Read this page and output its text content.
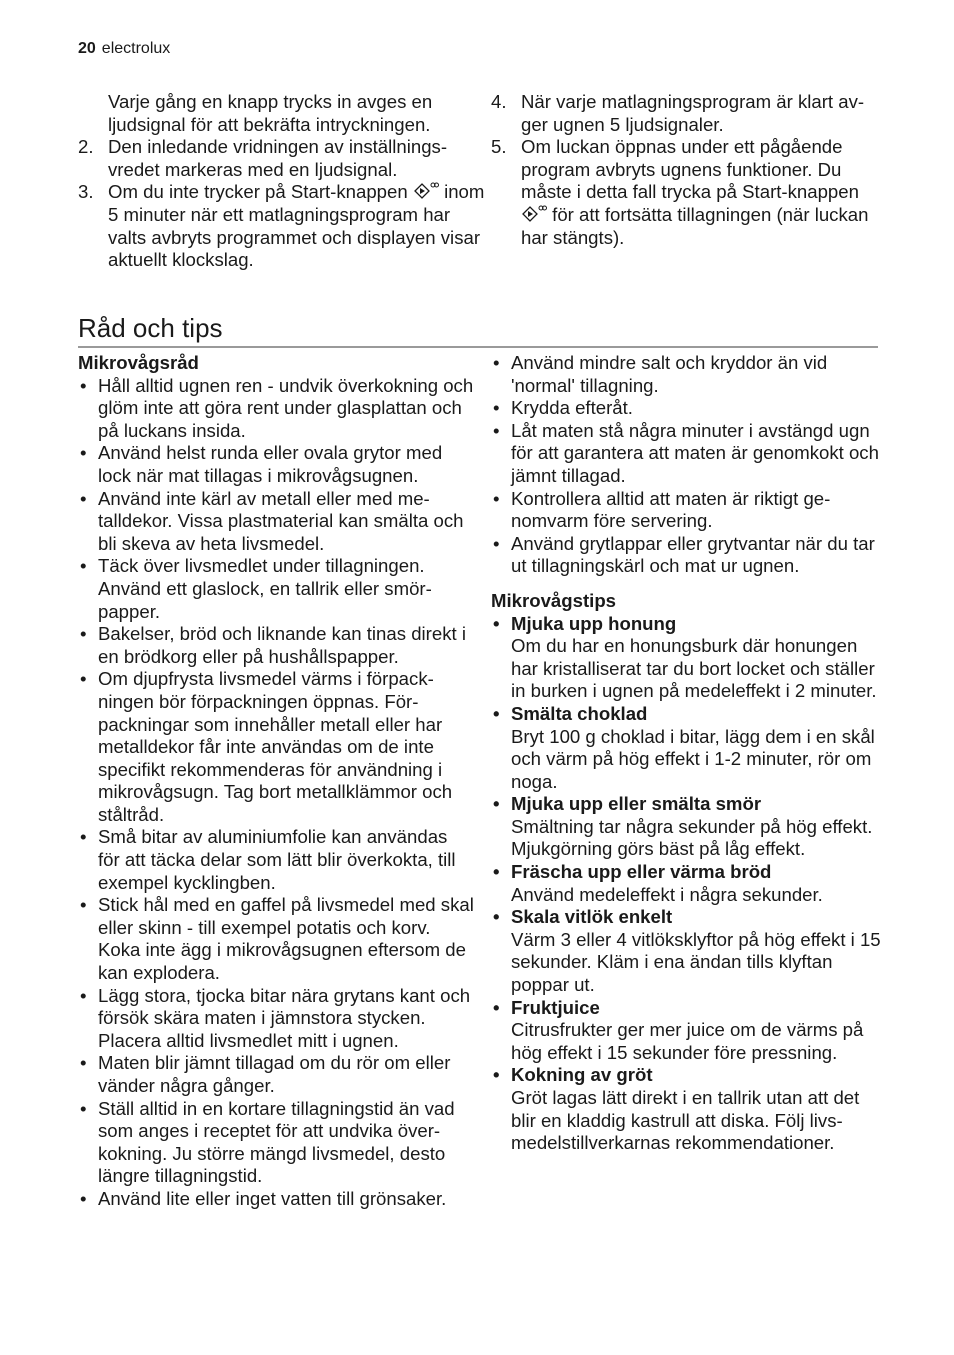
20 electrolux

Varje gång en knapp trycks in avges en ljudsignal för att bekräfta intryckningen.

2. Den inledande vridningen av inställningsvredet markeras med en ljudsignal.

3. Om du inte trycker på Start-knappen inom 5 minuter när ett matlagningsprogram har valts avbryts programmet och displayen visar aktuellt klockslag.

4. När varje matlagningsprogram är klart avger ugnen 5 ljudsignaler.

5. Om luckan öppnas under ett pågående program avbryts ugnens funktioner. Du måste i detta fall trycka på Start-knappen  för att fortsätta tillagningen (när luckan har stängts).

Råd och tips

Mikrovågsråd

• Håll alltid ugnen ren - undvik överkokning och glöm inte att göra rent under glasplattan och på luckans insida.

• Använd helst runda eller ovala grytor med lock när mat tillagas i mikrovågsugnen.

• Använd inte kärl av metall eller med metalldekor. Vissa plastmaterial kan smälta och bli skeva av heta livsmedel.

• Täck över livsmedlet under tillagningen. Använd ett glaslock, en tallrik eller smörpapper.

• Bakelser, bröd och liknande kan tinas direkt i en brödkorg eller på hushållspapper.

• Om djupfrysta livsmedel värms i förpackningen bör förpackningen öppnas. Förpackningar som innehåller metall eller har metalldekor får inte användas om de inte specifikt rekommenderas för användning i mikrovågsugn. Tag bort metallklämmor och ståltråd.

• Små bitar av aluminiumfolie kan användas för att täcka delar som lätt blir överkokta, till exempel kycklingben.

• Stick hål med en gaffel på livsmedel med skal eller skinn - till exempel potatis och korv. Koka inte ägg i mikrovågsugnen eftersom de kan explodera.

• Lägg stora, tjocka bitar nära grytans kant och försök skära maten i jämnstora stycken. Placera alltid livsmedlet mitt i ugnen.

• Maten blir jämnt tillagad om du rör om eller vänder några gånger.

• Ställ alltid in en kortare tillagningstid än vad som anges i receptet för att undvika överkokning. Ju större mängd livsmedel, desto längre tillagningstid.

• Använd lite eller inget vatten till grönsaker.

• Använd mindre salt och kryddor än vid 'normal' tillagning.

• Krydda efteråt.

• Låt maten stå några minuter i avstängd ugn för att garantera att maten är genomkokt och jämnt tillagad.

• Kontrollera alltid att maten är riktigt genomvarm före servering.

• Använd grytlappar eller grytvantar när du tar ut tillagningskärl och mat ur ugnen.

Mikrovågstips

• Mjuka upp honung
Om du har en honungsburk där honungen har kristalliserat tar du bort locket och ställer in burken i ugnen på medeleffekt i 2 minuter.

• Smälta choklad
Bryt 100 g choklad i bitar, lägg dem i en skål och värm på hög effekt i 1-2 minuter, rör om noga.

• Mjuka upp eller smälta smör
Smältning tar några sekunder på hög effekt. Mjukgörning görs bäst på låg effekt.

• Fräscha upp eller värma bröd
Använd medeleffekt i några sekunder.

• Skala vitlök enkelt
Värm 3 eller 4 vitlöksklyftor på hög effekt i 15 sekunder. Kläm i ena ändan tills klyftan poppar ut.

• Fruktjuice
Citrusfrukter ger mer juice om de värms på hög effekt i 15 sekunder före pressning.

• Kokning av gröt
Gröt lagas lätt direkt i en tallrik utan att det blir en kladdig kastrull att diska. Följ livsmedelstillverkarnas rekommendationer.
